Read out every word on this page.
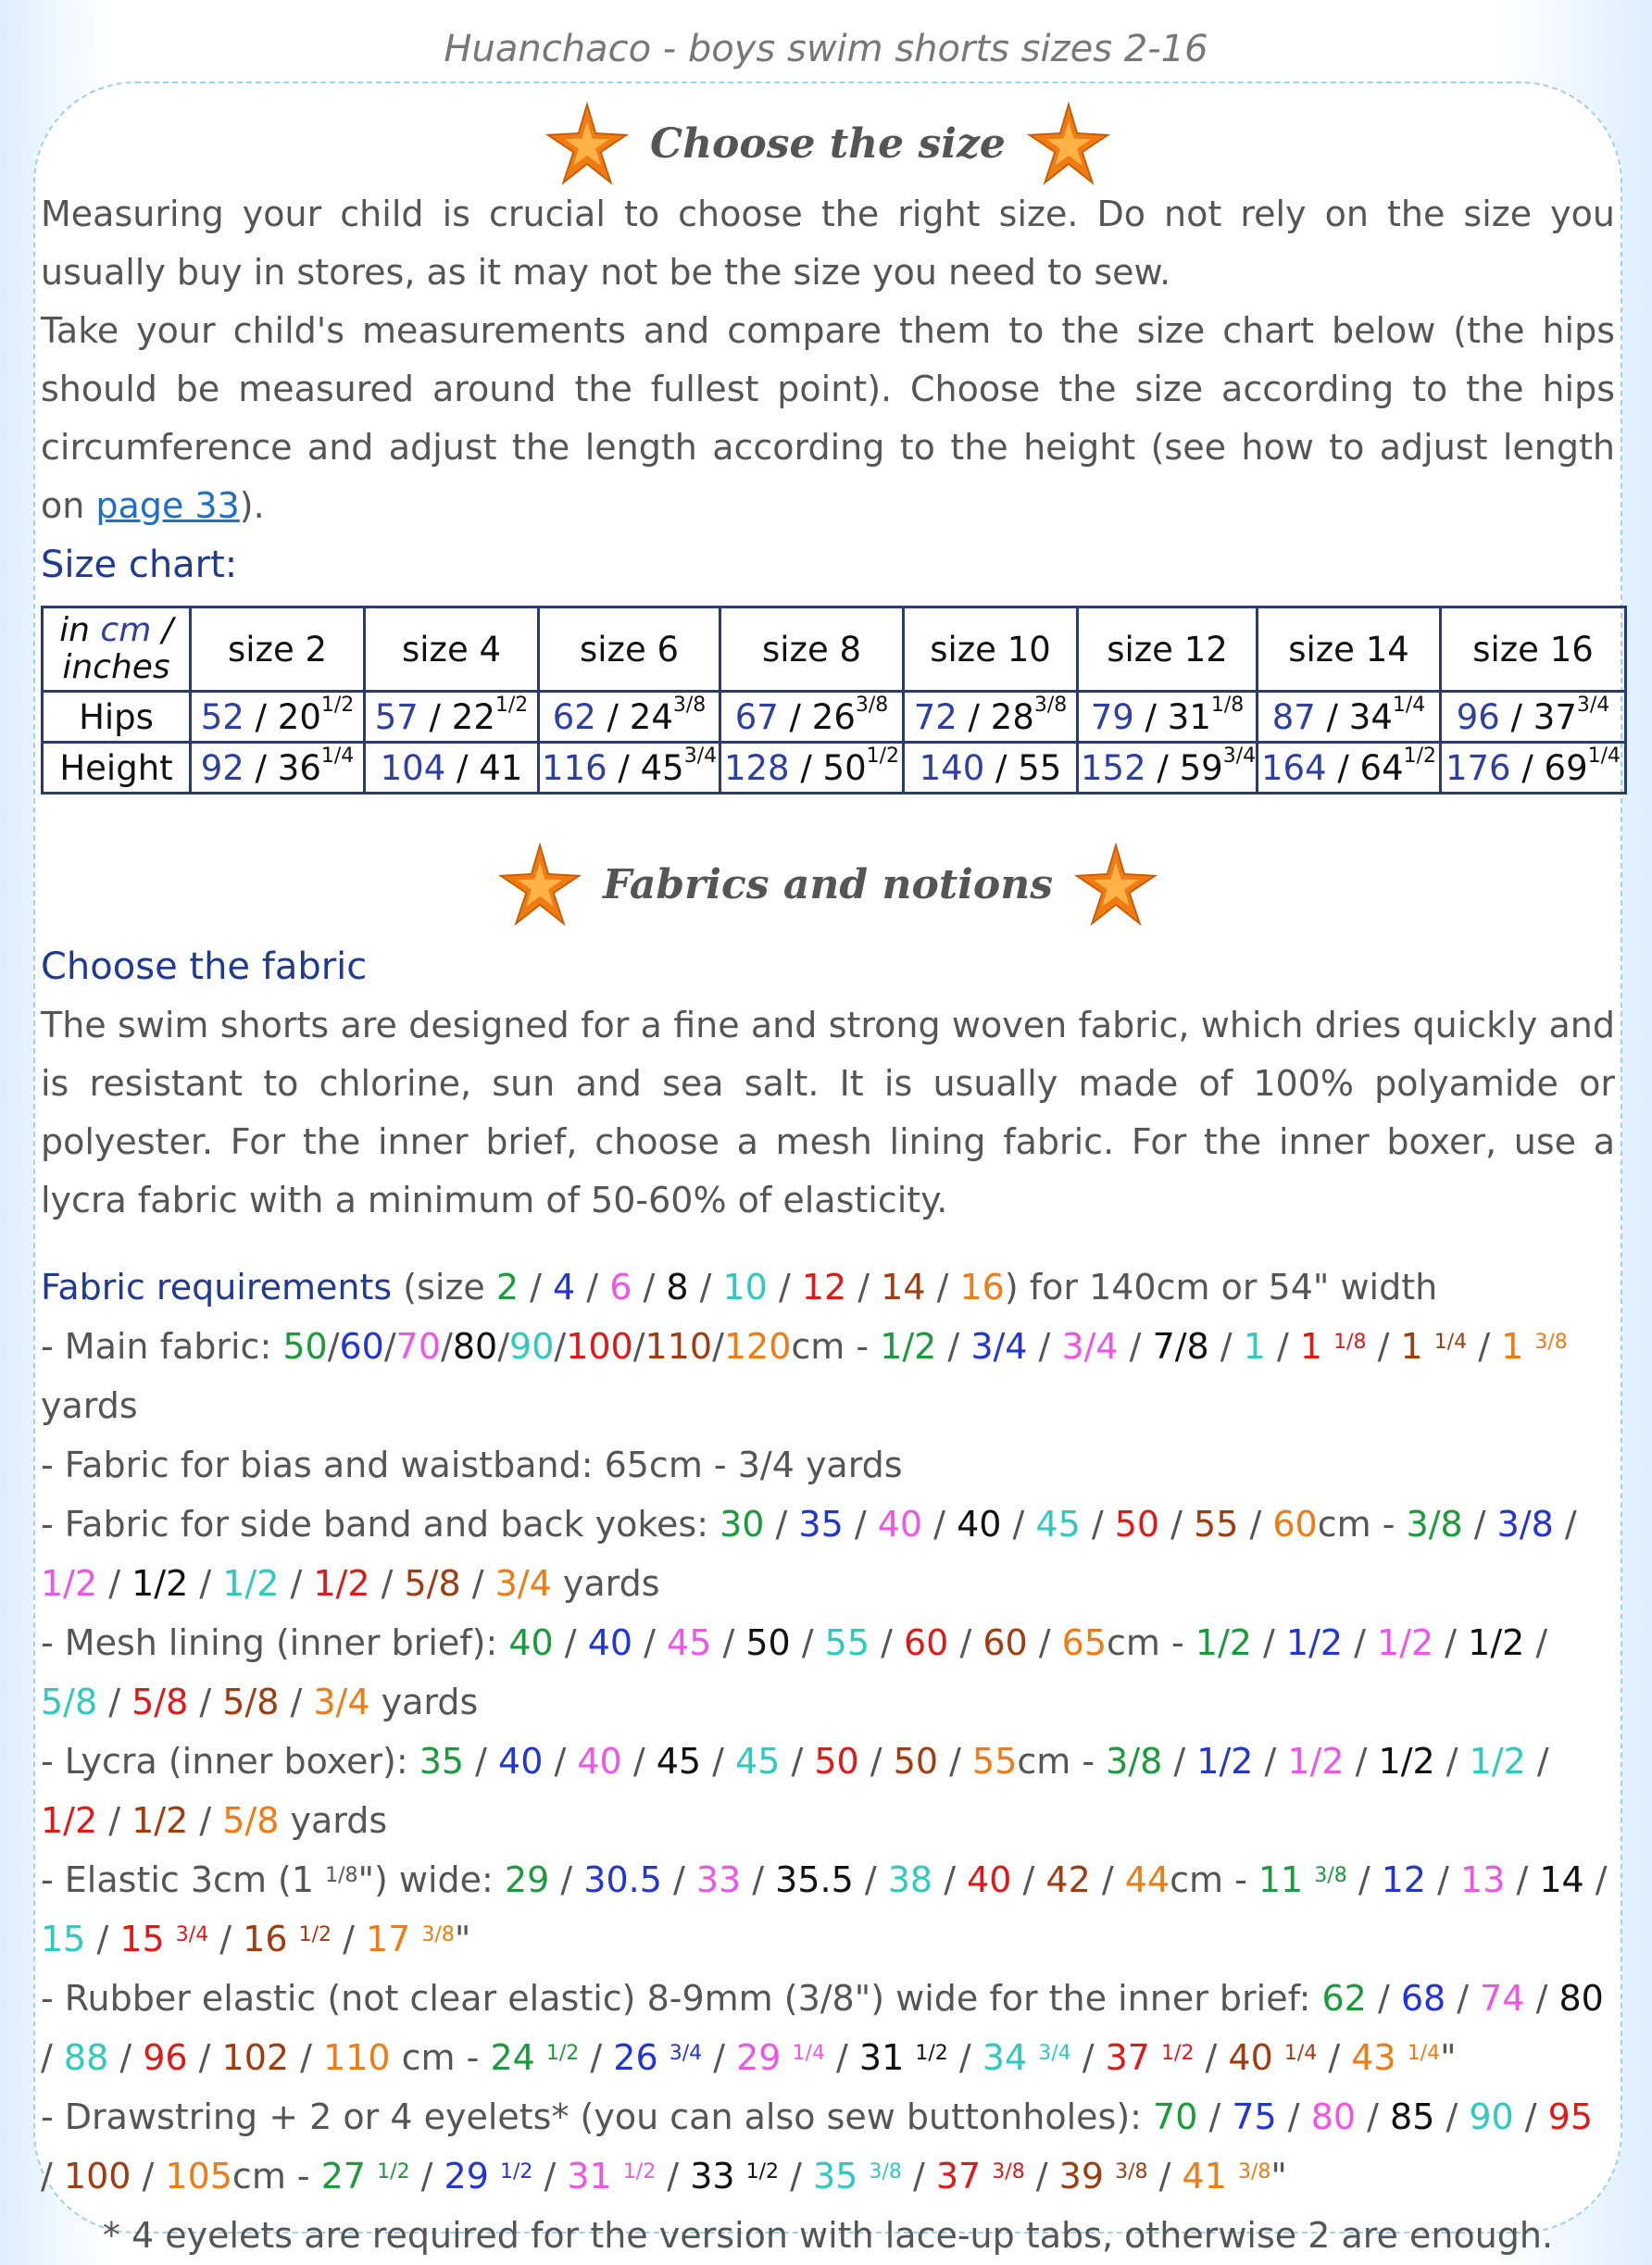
Huanchaco - boys swim shorts sizes 2-16
Choose the size

Measuring your child is crucial to choose the right size. Do not rely on the size you usually buy in stores, as it may not be the size you need to sew.

Take your child's measurements and compare them to the size chart below (the hips should be measured around the fullest point). Choose the size according to the hips circumference and adjust the length according to the height (see how to adjust length on page 33).

Size chart:
in cm /
inches	size 2	size 4	size 6	size 8	size 10	size 12	size 14	size 16
Hips	$52 / 20^{1/2}$	$57 / 22^{1/2}$	$62 / 24^{3/8}$	$67 / 26^{3/8}$	$72 / 28^{3/8}$	$79 / 31^{1/8}$	$87 / 34^{1/4}$	$96 / 37^{3/4}$
Height	$92 / 36^{1/4}$	104 / 41	$116 / 45^{3/4}$	$128 / 50^{1/2}$	140 / 55	$152 / 59^{3/4}$	$164 / 64^{1/2}$	$176 / 69^{1/4}$
Fabrics and notions
Choose the fabric

The swim shorts are designed for a fine and strong woven fabric, which dries quickly and is resistant to chlorine, sun and sea salt. It is usually made of 100% polyamide or polyester. For the inner brief, choose a mesh lining fabric. For the inner boxer, use a lycra fabric with a minimum of 50-60% of elasticity.

Fabric requirements (size 2 / 4 / 6 / 8 / 10 / 12 / 14 / 16) for 140cm or 54" width
- Main fabric: 50/60/70/80/90/100/110/120cm - 1/2 / 3/4 / 3/4 / 7/8 / 1 / 1 $^{1/8}$ / 1 $^{1/4}$ / 1 $^{3/8}$ yards
- Fabric for bias and waistband: 65cm - 3/4 yards
- Fabric for side band and back yokes: 30 / 35 / 40 / 40 / 45 / 50 / 55 / 60cm - 3/8 / 3/8 / 1/2 / 1/2 / 1/2 / 1/2 / 5/8 / 3/4 yards
- Mesh lining (inner brief): 40 / 40 / 45 / 50 / 55 / 60 / 60 / 65cm - 1/2 / 1/2 / 1/2 / 1/2 / 5/8 / 5/8 / 5/8 / 3/4 yards
- Lycra (inner boxer): 35 / 40 / 40 / 45 / 45 / 50 / 50 / 55cm - 3/8 / 1/2 / 1/2 / 1/2 / 1/2 / 1/2 / 1/2 / 5/8 yards
- Elastic 3cm (1 $^{1/8}$") wide: 29 / 30.5 / 33 / 35.5 / 38 / 40 / 42 / 44cm - 11 $^{3/8}$ / 12 / 13 / 14 / 15 / 15 $^{3/4}$ / 16 $^{1/2}$ / 17 $^{3/8}$"
- Rubber elastic (not clear elastic) 8-9mm (3/8") wide for the inner brief: 62 / 68 / 74 / 80 / 88 / 96 / 102 / 110 cm - 24 $^{1/2}$ / 26 $^{3/4}$ / 29 $^{1/4}$ / 31 $^{1/2}$ / 34 $^{3/4}$ / 37 $^{1/2}$ / 40 $^{1/4}$ / 43 $^{1/4}$"
- Drawstring + 2 or 4 eyelets* (you can also sew buttonholes): 70 / 75 / 80 / 85 / 90 / 95 / 100 / 105cm - 27 $^{1/2}$ / 29 $^{1/2}$ / 31 $^{1/2}$ / 33 $^{1/2}$ / 35 $^{3/8}$ / 37 $^{3/8}$ / 39 $^{3/8}$ / 41 $^{3/8}$"
* 4 eyelets are required for the version with lace-up tabs, otherwise 2 are enough.
